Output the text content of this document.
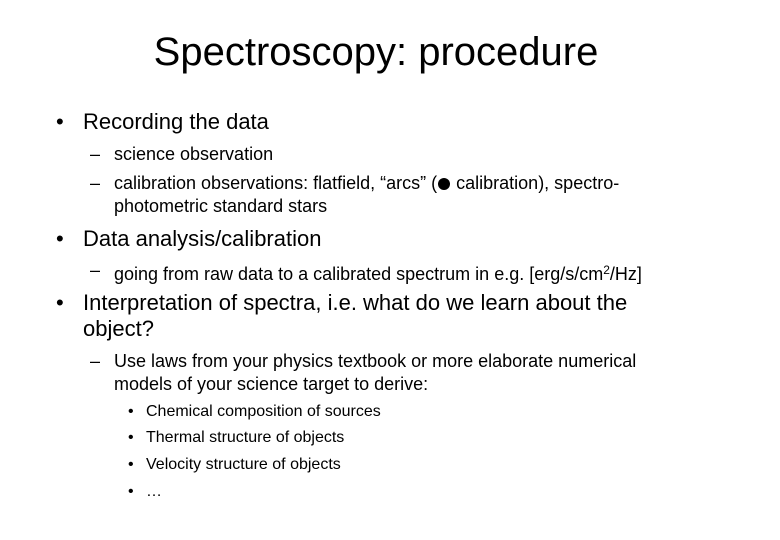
Spectroscopy: procedure
• Recording the data
– science observation
– calibration observations: flatfield, “arcs” ( calibration), spectro-
photometric standard stars
• Data analysis/calibration
– going from raw data to a calibrated spectrum in e.g. $[erg/s/cm^2/Hz]$
• Interpretation of spectra, i.e. what do we learn about the
object?
– Use laws from your physics textbook or more elaborate numerical
models of your science target to derive:
• Chemical composition of sources
• Thermal structure of objects
• Velocity structure of objects
• …
